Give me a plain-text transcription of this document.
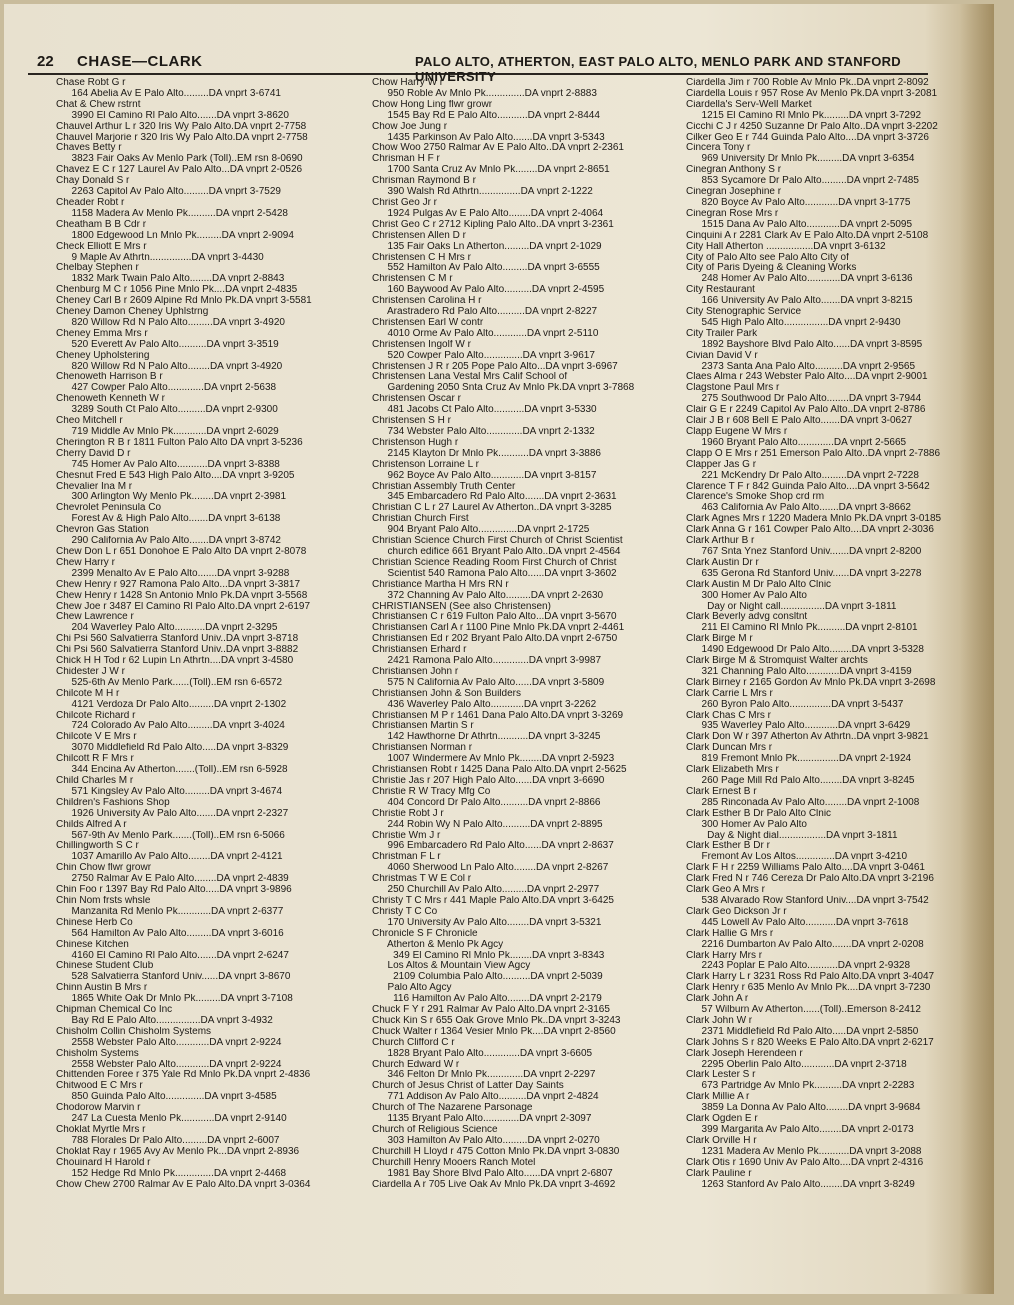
22 CHASE—CLARK	PALO ALTO, ATHERTON, EAST PALO ALTO, MENLO PARK AND STANFORD UNIVERSITY
Chase Robt G r
164 Abelia Av E Palo Alto.........DA vnprt 3-6741
Chat & Chew rstrnt
3990 El Camino Rl Palo Alto.......DA vnprt 3-8620
Chauvel Arthur L r 320 Iris Wy Palo Alto.DA vnprt 2-7758
Chauvel Marjorie r 320 Iris Wy Palo Alto.DA vnprt 2-7758
Chaves Betty r
3823 Fair Oaks Av Menlo Park (Toll)..EM rsn 8-0690
Chavez E C r 127 Laurel Av Palo Alto...DA vnprt 2-0526
Chay Donald S r
2263 Capitol Av Palo Alto.........DA vnprt 3-7529
Cheader Robt r
1158 Madera Av Menlo Pk..........DA vnprt 2-5428
Cheatham B B Cdr r
1800 Edgewood Ln Mnlo Pk.........DA vnprt 2-9094
Check Elliott E Mrs r
9 Maple Av Athrtn...............DA vnprt 3-4430
Chelbay Stephen r
1832 Mark Twain Palo Alto........DA vnprt 2-8843
Chenburg M C r 1056 Pine Mnlo Pk....DA vnprt 2-4835
Cheney Carl B r 2609 Alpine Rd Mnlo Pk.DA vnprt 3-5581
Cheney Damon Cheney Uphlstrng
820 Willow Rd N Palo Alto.........DA vnprt 3-4920
Cheney Emma Mrs r
520 Everett Av Palo Alto..........DA vnprt 3-3519
Cheney Upholstering
820 Willow Rd N Palo Alto........DA vnprt 3-4920
Chenoweth Harrison B r
427 Cowper Palo Alto.............DA vnprt 2-5638
Chenoweth Kenneth W r
3289 South Ct Palo Alto..........DA vnprt 2-9300
Cheo Mitchell r
719 Middle Av Mnlo Pk............DA vnprt 2-6029
Cherington R B r 1811 Fulton Palo Alto DA vnprt 3-5236
Cherry David D r
745 Homer Av Palo Alto...........DA vnprt 3-8388
Chesnut Fred E 543 High Palo Alto....DA vnprt 3-9205
Chevalier Ina M r
300 Arlington Wy Menlo Pk........DA vnprt 2-3981
Chevrolet Peninsula Co
Forest Av & High Palo Alto.......DA vnprt 3-6138
Chevron Gas Station
290 California Av Palo Alto.......DA vnprt 3-8742
Chew Don L r 651 Donohoe E Palo Alto DA vnprt 2-8078
Chew Harry r
2399 Menalto Av E Palo Alto.......DA vnprt 3-9288
Chew Henry r 927 Ramona Palo Alto...DA vnprt 3-3817
Chew Henry r 1428 Sn Antonio Mnlo Pk.DA vnprt 3-5568
Chew Joe r 3487 El Camino Rl Palo Alto.DA vnprt 2-6197
Chew Lawrence r
204 Waverley Palo Alto...........DA vnprt 2-3295
Chi Psi 560 Salvatierra Stanford Univ..DA vnprt 3-8718
Chi Psi 560 Salvatierra Stanford Univ..DA vnprt 3-8882
Chick H H Tod r 62 Lupin Ln Athrtn....DA vnprt 3-4580
Chidester J W r
525-6th Av Menlo Park......(Toll)..EM rsn 6-6572
Chilcote M H r
4121 Verdoza Dr Palo Alto.........DA vnprt 2-1302
Chilcote Richard r
724 Colorado Av Palo Alto.........DA vnprt 3-4024
Chilcote V E Mrs r
3070 Middlefield Rd Palo Alto.....DA vnprt 3-8329
Chilcott R F Mrs r
344 Encina Av Atherton.......(Toll)..EM rsn 6-5928
Child Charles M r
571 Kingsley Av Palo Alto.........DA vnprt 3-4674
Children's Fashions Shop
1926 University Av Palo Alto.......DA vnprt 2-2327
Childs Alfred A r
567-9th Av Menlo Park.......(Toll)..EM rsn 6-5066
Chillingworth S C r
1037 Amarillo Av Palo Alto........DA vnprt 2-4121
Chin Chow flwr growr
2750 Ralmar Av E Palo Alto........DA vnprt 2-4839
Chin Foo r 1397 Bay Rd Palo Alto.....DA vnprt 3-9896
Chin Nom frsts whsle
Manzanita Rd Menlo Pk............DA vnprt 2-6377
Chinese Herb Co
564 Hamilton Av Palo Alto.........DA vnprt 3-6016
Chinese Kitchen
4160 El Camino Rl Palo Alto.......DA vnprt 2-6247
Chinese Student Club
528 Salvatierra Stanford Univ......DA vnprt 3-8670
Chinn Austin B Mrs r
1865 White Oak Dr Mnlo Pk.........DA vnprt 3-7108
Chipman Chemical Co Inc
Bay Rd E Palo Alto................DA vnprt 3-4932
Chisholm Collin Chisholm Systems
2558 Webster Palo Alto............DA vnprt 2-9224
Chisholm Systems
2558 Webster Palo Alto............DA vnprt 2-9224
Chittenden Foree r 375 Yale Rd Mnlo Pk.DA vnprt 2-4836
Chitwood E C Mrs r
850 Guinda Palo Alto..............DA vnprt 3-4585
Chodorow Marvin r
247 La Cuesta Menlo Pk............DA vnprt 2-9140
Choklat Myrtle Mrs r
788 Florales Dr Palo Alto.........DA vnprt 2-6007
Choklat Ray r 1965 Avy Av Menlo Pk...DA vnprt 2-8936
Chouinard H Harold r
152 Hedge Rd Mnlo Pk..............DA vnprt 2-4468
Chow Chew 2700 Ralmar Av E Palo Alto.DA vnprt 3-0364
Chow Harry W r
950 Roble Av Mnlo Pk..............DA vnprt 2-8883
Chow Hong Ling flwr growr
1545 Bay Rd E Palo Alto...........DA vnprt 2-8444
Chow Joe Jung r
1435 Parkinson Av Palo Alto.......DA vnprt 3-5343
Chow Woo 2750 Ralmar Av E Palo Alto..DA vnprt 2-2361
Chrisman H F r
1700 Santa Cruz Av Mnlo Pk........DA vnprt 2-8651
Chrisman Raymond B r
390 Walsh Rd Athrtn...............DA vnprt 2-1222
Christ Geo Jr r
1924 Pulgas Av E Palo Alto........DA vnprt 2-4064
Christ Geo C r 2712 Kipling Palo Alto..DA vnprt 3-2361
Christensen Allen D r
135 Fair Oaks Ln Atherton.........DA vnprt 2-1029
Christensen C H Mrs r
552 Hamilton Av Palo Alto.........DA vnprt 3-6555
Christensen C M r
160 Baywood Av Palo Alto..........DA vnprt 2-4595
Christensen Carolina H r
Arastradero Rd Palo Alto..........DA vnprt 2-8227
Christensen Earl W contr
4010 Orme Av Palo Alto............DA vnprt 2-5110
Christensen Ingolf W r
520 Cowper Palo Alto..............DA vnprt 3-9617
Christensen J R r 205 Pope Palo Alto...DA vnprt 3-6967
Christensen Lana Vestal Mrs Calif School of
Gardening 2050 Snta Cruz Av Mnlo Pk.DA vnprt 3-7868
Christensen Oscar r
481 Jacobs Ct Palo Alto...........DA vnprt 3-5330
Christensen S H r
734 Webster Palo Alto.............DA vnprt 2-1332
Christenson Hugh r
2145 Klayton Dr Mnlo Pk...........DA vnprt 3-3886
Christenson Lorraine L r
962 Boyce Av Palo Alto............DA vnprt 3-8157
Christian Assembly Truth Center
345 Embarcadero Rd Palo Alto.......DA vnprt 2-3631
Christian C L r 27 Laurel Av Atherton..DA vnprt 3-3285
Christian Church First
904 Bryant Palo Alto..............DA vnprt 2-1725
Christian Science Church First Church of Christ Scientist
church edifice 661 Bryant Palo Alto..DA vnprt 2-4564
Christian Science Reading Room First Church of Christ
Scientist 540 Ramona Palo Alto......DA vnprt 3-3602
Christiance Martha H Mrs RN r
372 Channing Av Palo Alto.........DA vnprt 2-2630
CHRISTIANSEN (See also Christensen)
Christiansen C r 619 Fulton Palo Alto...DA vnprt 3-5670
Christiansen Carl A r 1100 Pine Mnlo Pk.DA vnprt 2-4461
Christiansen Ed r 202 Bryant Palo Alto.DA vnprt 2-6750
Christiansen Erhard r
2421 Ramona Palo Alto.............DA vnprt 3-9987
Christiansen John r
575 N California Av Palo Alto......DA vnprt 3-5809
Christiansen John & Son Builders
436 Waverley Palo Alto............DA vnprt 3-2262
Christiansen M P r 1461 Dana Palo Alto.DA vnprt 3-3269
Christiansen Martin S r
142 Hawthorne Dr Athrtn...........DA vnprt 3-3245
Christiansen Norman r
1007 Windermere Av Mnlo Pk........DA vnprt 2-5923
Christiansen Robt r 1425 Dana Palo Alto.DA vnprt 2-5625
Christie Jas r 207 High Palo Alto......DA vnprt 3-6690
Christie R W Tracy Mfg Co
404 Concord Dr Palo Alto..........DA vnprt 2-8866
Christie Robt J r
244 Robin Wy N Palo Alto..........DA vnprt 2-8895
Christie Wm J r
996 Embarcadero Rd Palo Alto......DA vnprt 2-8637
Christman F L r
4060 Sherwood Ln Palo Alto........DA vnprt 2-8267
Christmas T W E Col r
250 Churchill Av Palo Alto.........DA vnprt 2-2977
Christy T C Mrs r 441 Maple Palo Alto.DA vnprt 3-6425
Christy T C Co
170 University Av Palo Alto........DA vnprt 3-5321
Chronicle S F Chronicle
Atherton & Menlo Pk Agcy
349 El Camino Rl Mnlo Pk........DA vnprt 3-8343
Los Altos & Mountain View Agcy
2109 Columbia Palo Alto..........DA vnprt 2-5039
Palo Alto Agcy
116 Hamilton Av Palo Alto........DA vnprt 2-2179
Chuck F Y r 291 Ralmar Av Palo Alto.DA vnprt 2-3165
Chuck Kin S r 655 Oak Grove Mnlo Pk..DA vnprt 3-3243
Chuck Walter r 1364 Vesier Mnlo Pk....DA vnprt 2-8560
Church Clifford C r
1828 Bryant Palo Alto.............DA vnprt 3-6605
Church Edward W r
346 Felton Dr Mnlo Pk.............DA vnprt 2-2297
Church of Jesus Christ of Latter Day Saints
771 Addison Av Palo Alto..........DA vnprt 2-4824
Church of The Nazarene Parsonage
1135 Bryant Palo Alto.............DA vnprt 2-3097
Church of Religious Science
303 Hamilton Av Palo Alto.........DA vnprt 2-0270
Churchill H Lloyd r 475 Cotton Mnlo Pk.DA vnprt 3-0830
Churchill Henry Mooers Ranch Motel
1981 Bay Shore Blvd Palo Alto......DA vnprt 2-6807
Ciardella A r 705 Live Oak Av Mnlo Pk.DA vnprt 3-4692
Ciardella Jim r 700 Roble Av Mnlo Pk..DA vnprt 2-8092
Ciardella Louis r 957 Rose Av Menlo Pk.DA vnprt 3-2081
Ciardella's Serv-Well Market
1215 El Camino Rl Mnlo Pk.........DA vnprt 3-7292
Cicchi C J r 4250 Suzanne Dr Palo Alto..DA vnprt 3-2202
Cilker Geo E r 744 Guinda Palo Alto....DA vnprt 3-3726
Cincera Tony r
969 University Dr Mnlo Pk.........DA vnprt 3-6354
Cinegran Anthony S r
853 Sycamore Dr Palo Alto.........DA vnprt 2-7485
Cinegran Josephine r
820 Boyce Av Palo Alto............DA vnprt 3-1775
Cinegran Rose Mrs r
1515 Dana Av Palo Alto............DA vnprt 2-5095
Cinquini A r 2281 Clark Av E Palo Alto.DA vnprt 2-5108
City Hall Atherton .................DA vnprt 3-6132
City of Palo Alto see Palo Alto City of
City of Paris Dyeing & Cleaning Works
248 Homer Av Palo Alto............DA vnprt 3-6136
City Restaurant
166 University Av Palo Alto.......DA vnprt 3-8215
City Stenographic Service
545 High Palo Alto................DA vnprt 2-9430
City Trailer Park
1892 Bayshore Blvd Palo Alto......DA vnprt 3-8595
Civian David V r
2373 Santa Ana Palo Alto..........DA vnprt 2-9565
Claes Alma r 243 Webster Palo Alto....DA vnprt 2-9001
Clagstone Paul Mrs r
275 Southwood Dr Palo Alto........DA vnprt 3-7944
Clair G E r 2249 Capitol Av Palo Alto..DA vnprt 2-8786
Clair J B r 608 Bell E Palo Alto.......DA vnprt 3-0627
Clapp Eugene W Mrs r
1960 Bryant Palo Alto.............DA vnprt 2-5665
Clapp O E Mrs r 251 Emerson Palo Alto..DA vnprt 2-7886
Clapper Jas G r
221 McKendry Dr Palo Alto.........DA vnprt 2-7228
Clarence T F r 842 Guinda Palo Alto....DA vnprt 3-5642
Clarence's Smoke Shop crd rm
463 California Av Palo Alto.......DA vnprt 3-8662
Clark Agnes Mrs r 1220 Madera Mnlo Pk.DA vnprt 3-0185
Clark Anna G r 161 Cowper Palo Alto....DA vnprt 2-3036
Clark Arthur B r
767 Snta Ynez Stanford Univ.......DA vnprt 2-8200
Clark Austin Dr r
635 Gerona Rd Stanford Univ......DA vnprt 3-2278
Clark Austin M Dr Palo Alto Clnic
300 Homer Av Palo Alto
Day or Night call................DA vnprt 3-1811
Clark Beverly advg consltnt
211 El Camino Rl Mnlo Pk..........DA vnprt 2-8101
Clark Birge M r
1490 Edgewood Dr Palo Alto........DA vnprt 3-5328
Clark Birge M & Stromquist Walter archts
321 Channing Palo Alto............DA vnprt 3-4159
Clark Birney r 2165 Gordon Av Mnlo Pk.DA vnprt 3-2698
Clark Carrie L Mrs r
260 Byron Palo Alto...............DA vnprt 3-5437
Clark Chas C Mrs r
935 Waverley Palo Alto............DA vnprt 3-6429
Clark Don W r 397 Atherton Av Athrtn..DA vnprt 3-9821
Clark Duncan Mrs r
819 Fremont Mnlo Pk...............DA vnprt 2-1924
Clark Elizabeth Mrs r
260 Page Mill Rd Palo Alto........DA vnprt 3-8245
Clark Ernest B r
285 Rinconada Av Palo Alto........DA vnprt 2-1008
Clark Esther B Dr Palo Alto Clnic
300 Homer Av Palo Alto
Day & Night dial.................DA vnprt 3-1811
Clark Esther B Dr r
Fremont Av Los Altos..............DA vnprt 3-4210
Clark F H r 2259 Williams Palo Alto....DA vnprt 3-0461
Clark Fred N r 746 Cereza Dr Palo Alto.DA vnprt 3-2196
Clark Geo A Mrs r
538 Alvarado Row Stanford Univ....DA vnprt 3-7542
Clark Geo Dickson Jr r
445 Lowell Av Palo Alto...........DA vnprt 3-7618
Clark Hallie G Mrs r
2216 Dumbarton Av Palo Alto.......DA vnprt 2-0208
Clark Harry Mrs r
2243 Poplar E Palo Alto...........DA vnprt 2-9328
Clark Harry L r 3231 Ross Rd Palo Alto.DA vnprt 3-4047
Clark Henry r 635 Menlo Av Mnlo Pk....DA vnprt 3-7230
Clark John A r
57 Wilburn Av Atherton......(Toll)..Emerson 8-2412
Clark John W r
2371 Middlefield Rd Palo Alto.....DA vnprt 2-5850
Clark Johns S r 820 Weeks E Palo Alto.DA vnprt 2-6217
Clark Joseph Herendeen r
2295 Oberlin Palo Alto............DA vnprt 2-3718
Clark Lester S r
673 Partridge Av Mnlo Pk..........DA vnprt 2-2283
Clark Millie A r
3859 La Donna Av Palo Alto........DA vnprt 3-9684
Clark Ogden E r
399 Margarita Av Palo Alto........DA vnprt 2-0173
Clark Orville H r
1231 Madera Av Menlo Pk...........DA vnprt 3-2088
Clark Otis r 1690 Univ Av Palo Alto....DA vnprt 2-4316
Clark Pauline r
1263 Stanford Av Palo Alto........DA vnprt 3-8249
